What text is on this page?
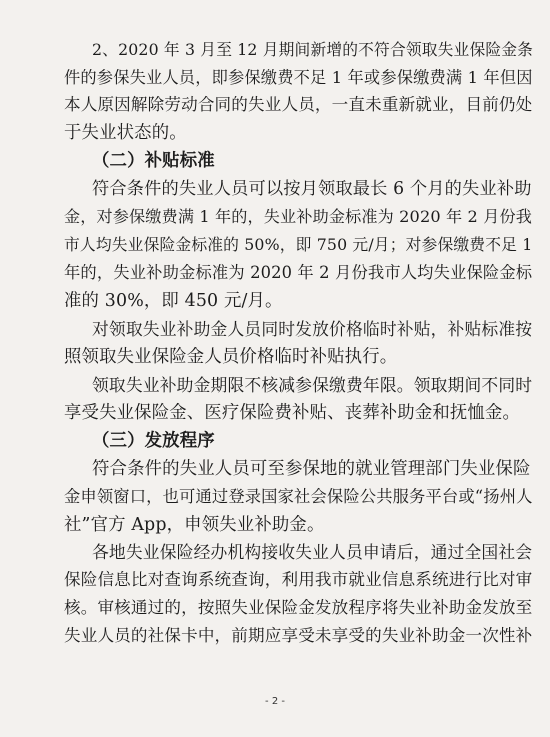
2、2020 年 3 月至 12 月期间新增的不符合领取失业保险金条
件的参保失业人员，即参保缴费不足 1 年或参保缴费满 1 年但因
本人原因解除劳动合同的失业人员，一直未重新就业，目前仍处
于失业状态的。
（二）补贴标准
符合条件的失业人员可以按月领取最长 6 个月的失业补助
金，对参保缴费满 1 年的，失业补助金标准为 2020 年 2 月份我
市人均失业保险金标准的 50%，即 750 元/月；对参保缴费不足 1
年的，失业补助金标准为 2020 年 2 月份我市人均失业保险金标
准的 30%，即 450 元/月。
对领取失业补助金人员同时发放价格临时补贴，补贴标准按
照领取失业保险金人员价格临时补贴执行。
领取失业补助金期限不核减参保缴费年限。领取期间不同时
享受失业保险金、医疗保险费补贴、丧葬补助金和抚恤金。
（三）发放程序
符合条件的失业人员可至参保地的就业管理部门失业保险
金申领窗口，也可通过登录国家社会保险公共服务平台或“扬州人
社”官方 App，申领失业补助金。
各地失业保险经办机构接收失业人员申请后，通过全国社会
保险信息比对查询系统查询，利用我市就业信息系统进行比对审
核。审核通过的，按照失业保险金发放程序将失业补助金发放至
失业人员的社保卡中，前期应享受未享受的失业补助金一次性补
- 2 -
